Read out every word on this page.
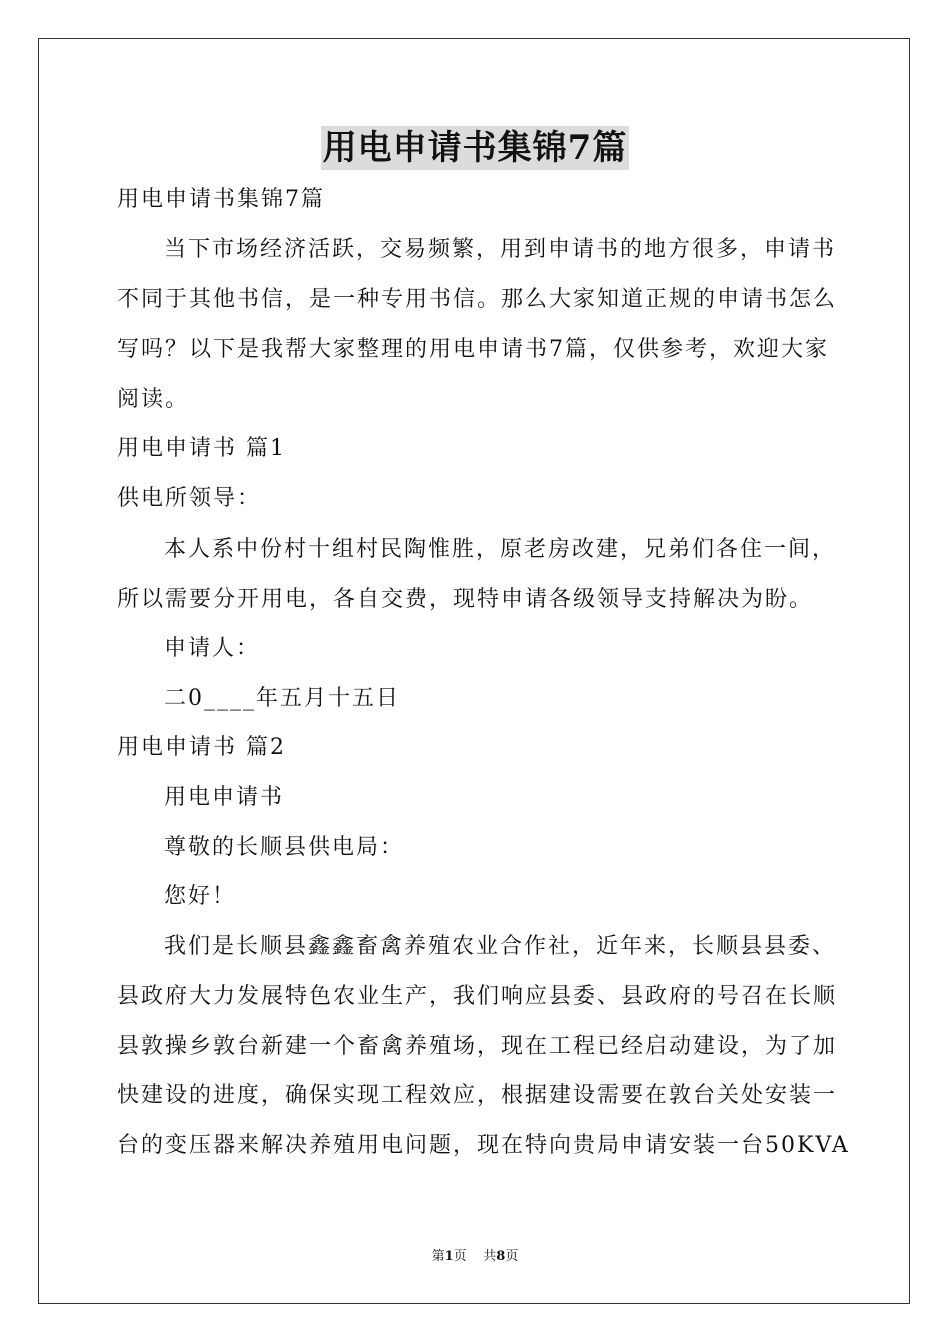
用电申请书集锦7篇
用电申请书集锦7篇
当下市场经济活跃，交易频繁，用到申请书的地方很多，申请书
不同于其他书信，是一种专用书信。那么大家知道正规的申请书怎么
写吗？以下是我帮大家整理的用电申请书7篇，仅供参考，欢迎大家
阅读。
用电申请书 篇1
供电所领导：
本人系中份村十组村民陶惟胜，原老房改建，兄弟们各住一间，
所以需要分开用电，各自交费，现特申请各级领导支持解决为盼。
申请人：
二0____年五月十五日
用电申请书 篇2
用电申请书
尊敬的长顺县供电局：
您好！
我们是长顺县鑫鑫畜禽养殖农业合作社，近年来，长顺县县委、
县政府大力发展特色农业生产，我们响应县委、县政府的号召在长顺
县敦操乡敦台新建一个畜禽养殖场，现在工程已经启动建设，为了加
快建设的进度，确保实现工程效应，根据建设需要在敦台关处安装一
台的变压器来解决养殖用电问题，现在特向贵局申请安装一台50KVA
第1页 共8页
